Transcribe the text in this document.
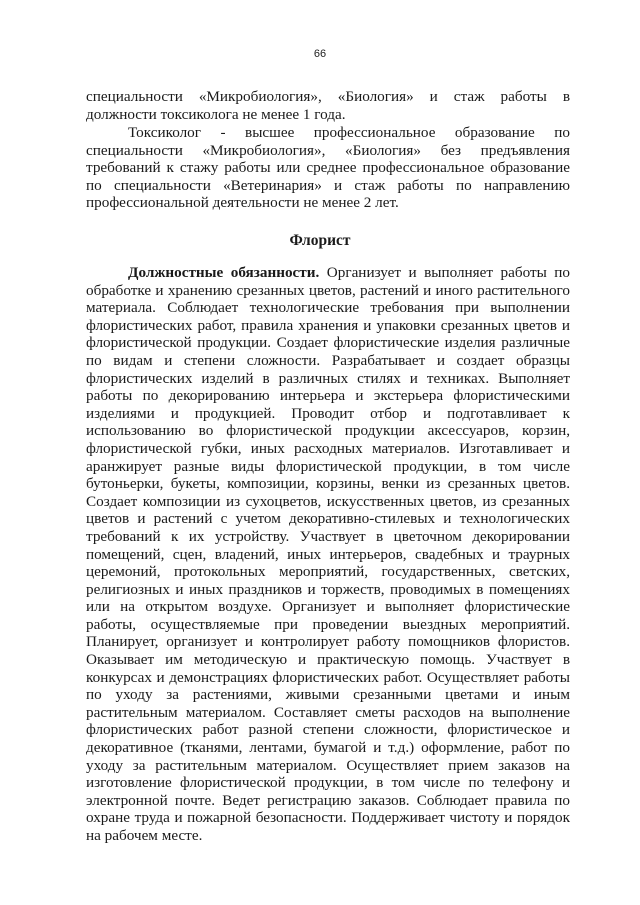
66

специальности «Микробиология», «Биология» и стаж работы в должности токсиколога не менее 1 года.

Токсиколог - высшее профессиональное образование по специальности «Микробиология», «Биология» без предъявления требований к стажу работы или среднее профессиональное образование по специальности «Ветеринария» и стаж работы по направлению профессиональной деятельности не менее 2 лет.

Флорист

Должностные обязанности. Организует и выполняет работы по обработке и хранению срезанных цветов, растений и иного растительного материала. Соблюдает технологические требования при выполнении флористических работ, правила хранения и упаковки срезанных цветов и флористической продукции. Создает флористические изделия различные по видам и степени сложности. Разрабатывает и создает образцы флористических изделий в различных стилях и техниках. Выполняет работы по декорированию интерьера и экстерьера флористическими изделиями и продукцией. Проводит отбор и подготавливает к использованию во флористической продукции аксессуаров, корзин, флористической губки, иных расходных материалов. Изготавливает и аранжирует разные виды флористической продукции, в том числе бутоньерки, букеты, композиции, корзины, венки из срезанных цветов. Создает композиции из сухоцветов, искусственных цветов, из срезанных цветов и растений с учетом декоративно-стилевых и технологических требований к их устройству. Участвует в цветочном декорировании помещений, сцен, владений, иных интерьеров, свадебных и траурных церемоний, протокольных мероприятий, государственных, светских, религиозных и иных праздников и торжеств, проводимых в помещениях или на открытом воздухе. Организует и выполняет флористические работы, осуществляемые при проведении выездных мероприятий. Планирует, организует и контролирует работу помощников флористов. Оказывает им методическую и практическую помощь. Участвует в конкурсах и демонстрациях флористических работ. Осуществляет работы по уходу за растениями, живыми срезанными цветами и иным растительным материалом. Составляет сметы расходов на выполнение флористических работ разной степени сложности, флористическое и декоративное (тканями, лентами, бумагой и т.д.) оформление, работ по уходу за растительным материалом. Осуществляет прием заказов на изготовление флористической продукции, в том числе по телефону и электронной почте. Ведет регистрацию заказов. Соблюдает правила по охране труда и пожарной безопасности. Поддерживает чистоту и порядок на рабочем месте.
